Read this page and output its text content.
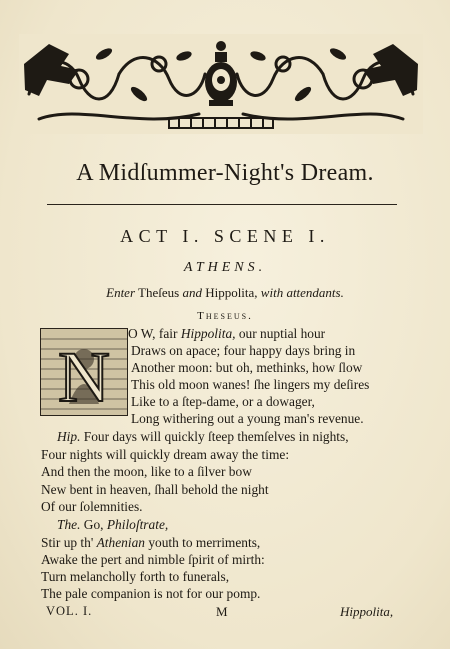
A Midſummer-Night's Dream.
ACT I. SCENE I.
ATHENS.
Enter Theſeus and Hippolita, with attendants.
Theseus.
N
O W, fair Hippolita, our nuptial hour
Draws on apace; four happy days bring in
Another moon: but oh, methinks, how ſlow
This old moon wanes! ſhe lingers my deſires
Like to a ſtep-dame, or a dowager,
Long withering out a young man's revenue.
Hip. Four days will quickly ſteep themſelves in nights,
Four nights will quickly dream away the time:
And then the moon, like to a ſilver bow
New bent in heaven, ſhall behold the night
Of our ſolemnities.
The. Go, Philoſtrate,
Stir up th' Athenian youth to merriments,
Awake the pert and nimble ſpirit of mirth:
VOL. I.	M	Hippolita,
Turn melancholly forth to funerals,
The pale companion is not for our pomp.
